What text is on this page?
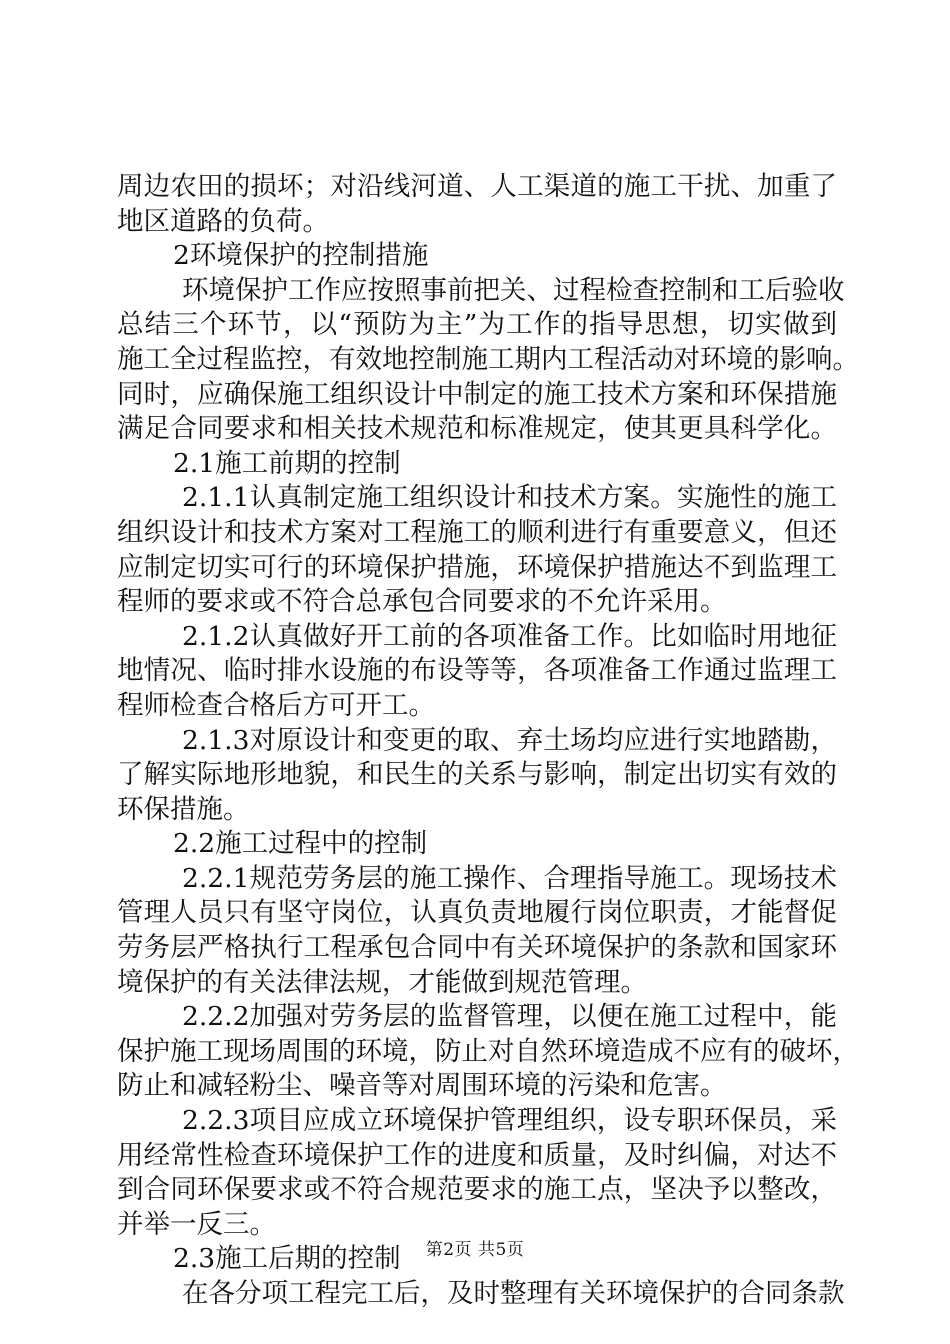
周边农田的损坏；对沿线河道、人工渠道的施工干扰、加重了
地区道路的负荷。
2环境保护的控制措施
环境保护工作应按照事前把关、过程检查控制和工后验收
总结三个环节，以“预防为主”为工作的指导思想，切实做到
施工全过程监控，有效地控制施工期内工程活动对环境的影响。
同时，应确保施工组织设计中制定的施工技术方案和环保措施
满足合同要求和相关技术规范和标准规定，使其更具科学化。
2.1施工前期的控制
2.1.1认真制定施工组织设计和技术方案。实施性的施工
组织设计和技术方案对工程施工的顺利进行有重要意义，但还
应制定切实可行的环境保护措施，环境保护措施达不到监理工
程师的要求或不符合总承包合同要求的不允许采用。
2.1.2认真做好开工前的各项准备工作。比如临时用地征
地情况、临时排水设施的布设等等，各项准备工作通过监理工
程师检查合格后方可开工。
2.1.3对原设计和变更的取、弃土场均应进行实地踏勘，
了解实际地形地貌，和民生的关系与影响，制定出切实有效的
环保措施。
2.2施工过程中的控制
2.2.1规范劳务层的施工操作、合理指导施工。现场技术
管理人员只有坚守岗位，认真负责地履行岗位职责，才能督促
劳务层严格执行工程承包合同中有关环境保护的条款和国家环
境保护的有关法律法规，才能做到规范管理。
2.2.2加强对劳务层的监督管理，以便在施工过程中，能
保护施工现场周围的环境，防止对自然环境造成不应有的破坏，
防止和减轻粉尘、噪音等对周围环境的污染和危害。
2.2.3项目应成立环境保护管理组织，设专职环保员，采
用经常性检查环境保护工作的进度和质量，及时纠偏，对达不
到合同环保要求或不符合规范要求的施工点，坚决予以整改，
并举一反三。
2.3施工后期的控制
在各分项工程完工后，及时整理有关环境保护的合同条款
第2页 共5页
